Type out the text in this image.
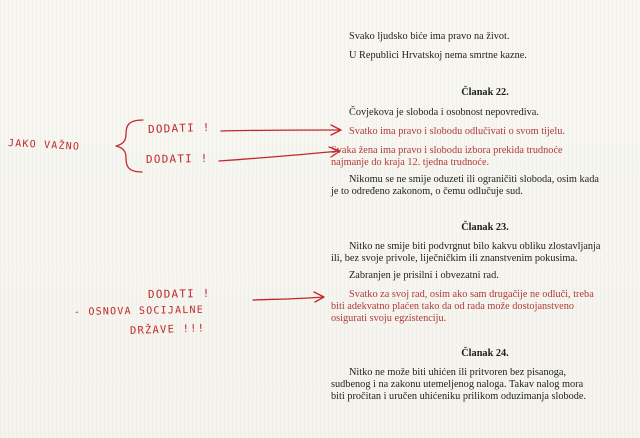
Svako ljudsko biće ima pravo na život.

U Republici Hrvatskoj nema smrtne kazne.

Članak 22.

Čovjekova je sloboda i osobnost nepovrediva.

Svatko ima pravo i slobodu odlučivati o svom tijelu.

Svaka žena ima pravo i slobodu izbora prekida trudnoće

najmanje do kraja 12. tjedna trudnoće.

Nikomu se ne smije oduzeti ili ograničiti sloboda, osim kada

je to određeno zakonom, o čemu odlučuje sud.

Članak 23.

Nitko ne smije biti podvrgnut bilo kakvu obliku zlostavljanja

ili, bez svoje privole, liječničkim ili znanstvenim pokusima.

Zabranjen je prisilni i obvezatni rad.

Svatko za svoj rad, osim ako sam drugačije ne odluči, treba

biti adekvatno plaćen tako da od rada može dostojanstveno

osigurati svoju egzistenciju.

Članak 24.

Nitko ne može biti uhićen ili pritvoren bez pisanoga,

sudbenog i na zakonu utemeljenog naloga. Takav nalog mora

biti pročitan i uručen uhićeniku prilikom oduzimanja slobode.

JAKO VAŽNO
DODATI !
DODATI !
DODATI !
- OSNOVA SOCIJALNE
DRŽAVE !!!
